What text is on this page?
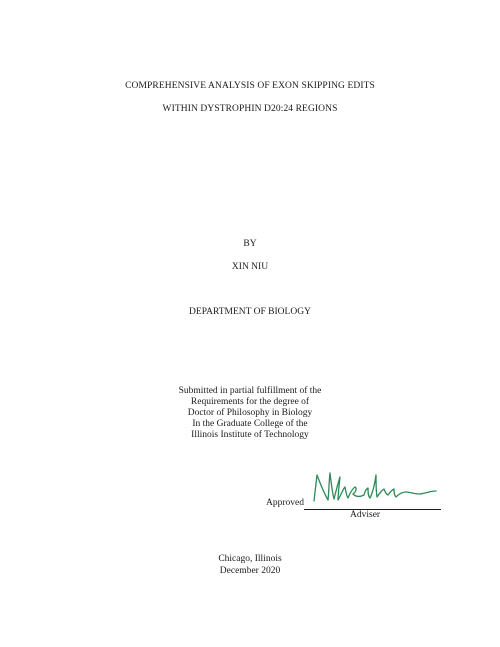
COMPREHENSIVE ANALYSIS OF EXON SKIPPING EDITS
WITHIN DYSTROPHIN D20:24 REGIONS
BY
XIN NIU
DEPARTMENT OF BIOLOGY
Submitted in partial fulfillment of the
Requirements for the degree of
Doctor of Philosophy in Biology
In the Graduate College of the
Illinois Institute of Technology
Approved
Adviser
Chicago, Illinois
December 2020
